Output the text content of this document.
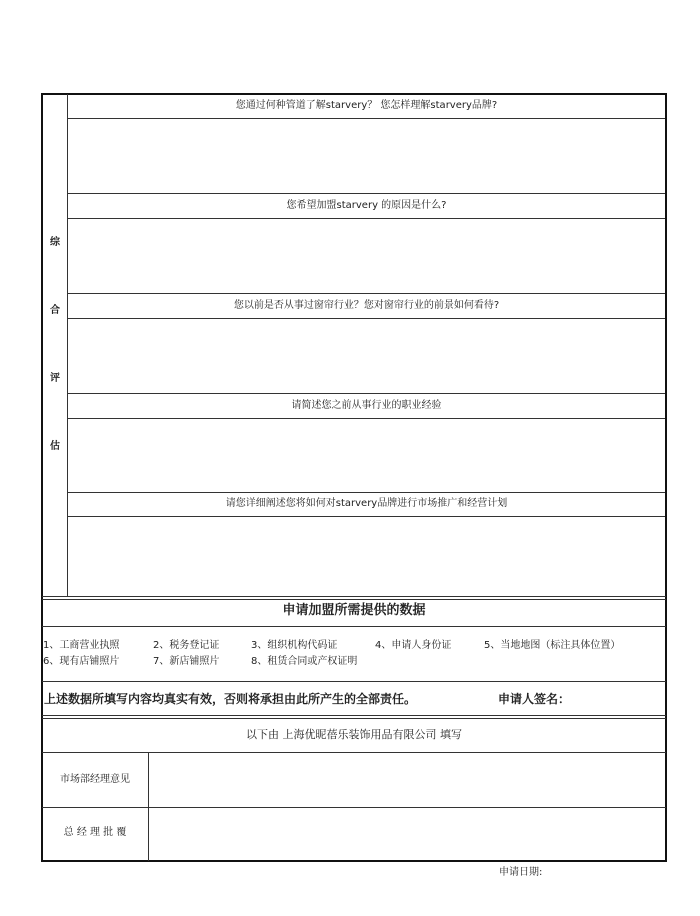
综
合
评
估
您通过何种管道了解starvery？ 您怎样理解starvery品牌?
您希望加盟starvery 的原因是什么?
您以前是否从事过窗帘行业？您对窗帘行业的前景如何看待?
请简述您之前从事行业的职业经验
请您详细阐述您将如何对starvery品牌进行市场推广和经营计划
申请加盟所需提供的数据
1、工商营业执照	2、税务登记证	3、组织机构代码证	4、申请人身份证	5、当地地图（标注具体位置）
6、现有店铺照片	7、新店铺照片	8、租赁合同或产权证明
上述数据所填写内容均真实有效，否则将承担由此所产生的全部责任。	申请人签名：
以下由 上海优昵蓓乐装饰用品有限公司 填写
市场部经理意见
总 经 理 批 覆
申请日期:
